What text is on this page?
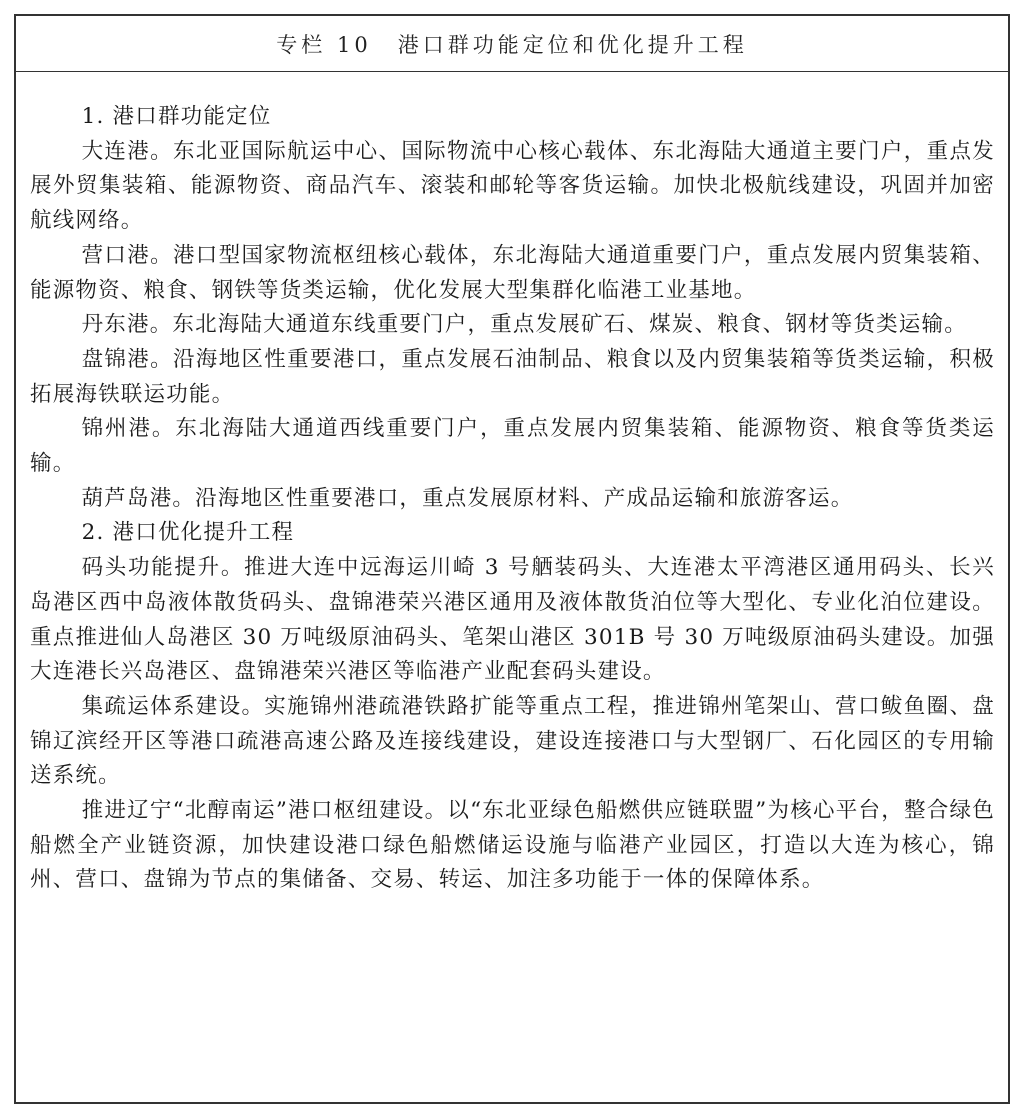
专栏 10 港口群功能定位和优化提升工程

1. 港口群功能定位

大连港。东北亚国际航运中心、国际物流中心核心载体、东北海陆大通道主要门户，重点发展外贸集装箱、能源物资、商品汽车、滚装和邮轮等客货运输。加快北极航线建设，巩固并加密航线网络。

营口港。港口型国家物流枢纽核心载体，东北海陆大通道重要门户，重点发展内贸集装箱、能源物资、粮食、钢铁等货类运输，优化发展大型集群化临港工业基地。

丹东港。东北海陆大通道东线重要门户，重点发展矿石、煤炭、粮食、钢材等货类运输。

盘锦港。沿海地区性重要港口，重点发展石油制品、粮食以及内贸集装箱等货类运输，积极拓展海铁联运功能。

锦州港。东北海陆大通道西线重要门户，重点发展内贸集装箱、能源物资、粮食等货类运输。

葫芦岛港。沿海地区性重要港口，重点发展原材料、产成品运输和旅游客运。

2. 港口优化提升工程

码头功能提升。推进大连中远海运川崎 3 号舾装码头、大连港太平湾港区通用码头、长兴岛港区西中岛液体散货码头、盘锦港荣兴港区通用及液体散货泊位等大型化、专业化泊位建设。重点推进仙人岛港区 30 万吨级原油码头、笔架山港区 301B 号 30 万吨级原油码头建设。加强大连港长兴岛港区、盘锦港荣兴港区等临港产业配套码头建设。

集疏运体系建设。实施锦州港疏港铁路扩能等重点工程，推进锦州笔架山、营口鲅鱼圈、盘锦辽滨经开区等港口疏港高速公路及连接线建设，建设连接港口与大型钢厂、石化园区的专用输送系统。

推进辽宁“北醇南运”港口枢纽建设。以“东北亚绿色船燃供应链联盟”为核心平台，整合绿色船燃全产业链资源，加快建设港口绿色船燃储运设施与临港产业园区，打造以大连为核心，锦州、营口、盘锦为节点的集储备、交易、转运、加注多功能于一体的保障体系。
